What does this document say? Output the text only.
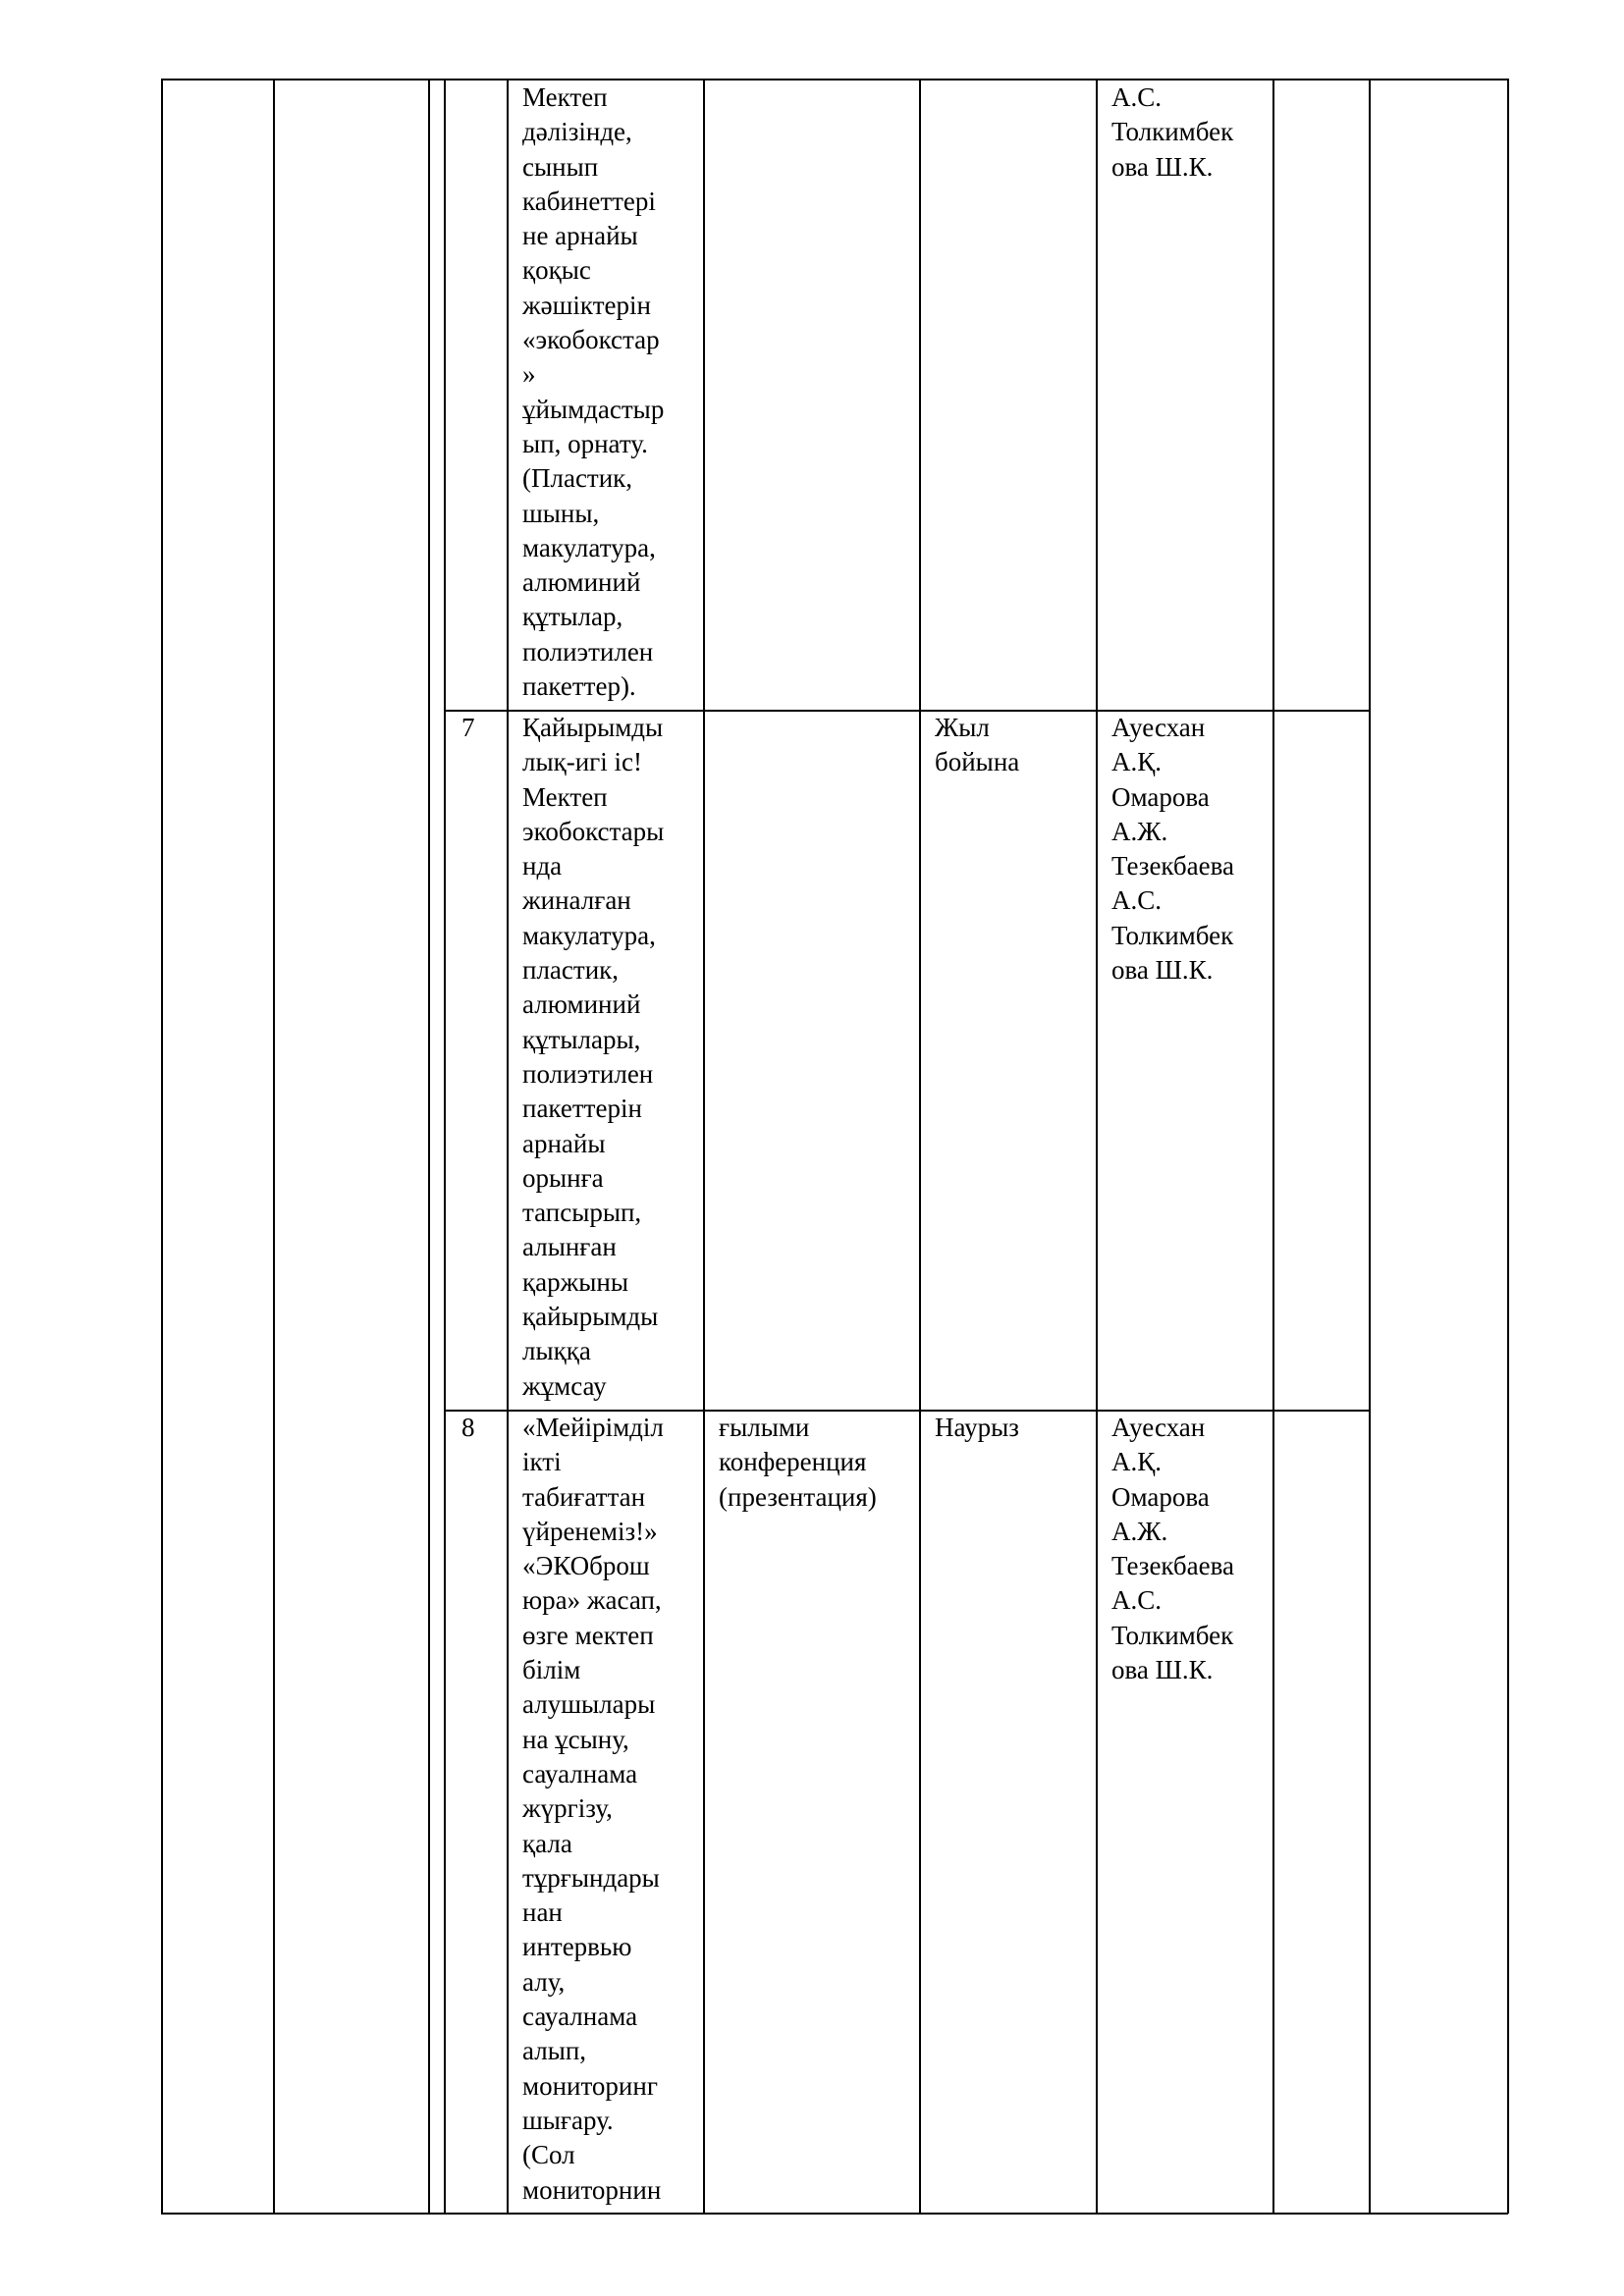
Мектеп
дәлізінде,
сынып
кабинеттері
не арнайы
қоқыс
жәшіктерін
«экобокстар
»
ұйымдастыр
ып, орнату.
(Пластик,
шыны,
макулатура,
алюминий
құтылар,
полиэтилен
пакеттер).
А.С.
Толкимбек
ова Ш.К.
7 Қайырымды
лық-игі іс!
Мектеп
экобокстары
нда
жиналған
макулатура,
пластик,
алюминий
құтылары,
полиэтилен
пакеттерін
арнайы
орынға
тапсырып,
алынған
қаржыны
қайырымды
лыққа
жұмсау
Жыл
бойына
Ауесхан
А.Қ.
Омарова
А.Ж.
Тезекбаева
А.С.
Толкимбек
ова Ш.К.
8 «Мейірімділ
ікті
табиғаттан
үйренеміз!»
«ЭКОброш
юра» жасап,
өзге мектеп
білім
алушылары
на ұсыну,
сауалнама
жүргізу,
қала
тұрғындары
нан
интервью
алу,
сауалнама
алып,
мониторинг
шығару.
(Сол
мониторнин
ғылыми
конференция
(презентация)
Наурыз	Ауесхан
А.Қ.
Омарова
А.Ж.
Тезекбаева
А.С.
Толкимбек
ова Ш.К.
